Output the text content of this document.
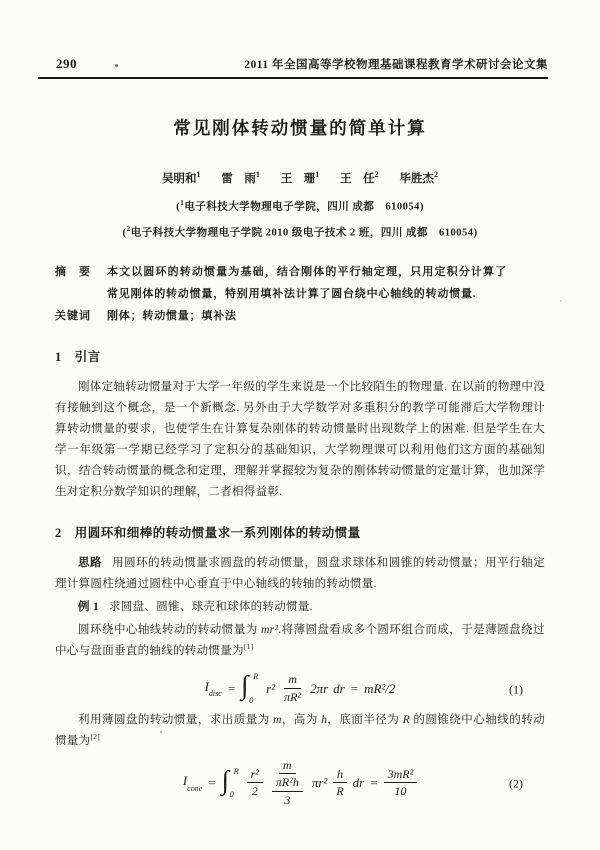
290	2011 年全国高等学校物理基础课程教育学术研讨会论文集
常见刚体转动惯量的简单计算
吴明和$^1$ 雷　雨$^1$ 王　珊$^1$ 王　任$^2$ 毕胜杰$^2$
($^1$电子科技大学物理电子学院，四川 成都　610054)
($^2$电子科技大学物理电子学院 2010 级电子技术 2 班，四川 成都　610054)
摘　要	本文以圆环的转动惯量为基础，结合刚体的平行轴定理，只用定积分计算了常见刚体的转动惯量，特别用填补法计算了圆台绕中心轴线的转动惯量.
关键词	刚体；转动惯量；填补法
1　引言

刚体定轴转动惯量对于大学一年级的学生来说是一个比较陌生的物理量. 在以前的物理中没有接触到这个概念，是一个新概念. 另外由于大学数学对多重积分的教学可能滞后大学物理计算转动惯量的要求，也使学生在计算复杂刚体的转动惯量时出现数学上的困难. 但是学生在大学一年级第一学期已经学习了定积分的基础知识，大学物理课可以利用他们这方面的基础知识，结合转动惯量的概念和定理，理解并掌握较为复杂的刚体转动惯量的定量计算，也加深学生对定积分数学知识的理解，二者相得益彰.

2　用圆环和细棒的转动惯量求一系列刚体的转动惯量

思路 用圆环的转动惯量求圆盘的转动惯量，圆盘求球体和圆锥的转动惯量；用平行轴定理计算圆柱绕通过圆柱中心垂直于中心轴线的转轴的转动惯量.

例 1 求圆盘、圆锥、球壳和球体的转动惯量.

圆环绕中心轴线转动的转动惯量为 mr².将薄圆盘看成多个圆环组合而成，于是薄圆盘绕过中心与盘面垂直的轴线的转动惯量为[1]

$I_{disc}$ = ∫ R
0
$r^2 \frac{m}{\text{πR²}} 2\pi r$ dr = mR²/2	(1)

利用薄圆盘的转动惯量，求出质量为 m，高为 h，底面半径为 R 的圆锥绕中心轴线的转动惯量为[2]

$I_{cone}$ = ∫ R
$0 \frac{\text{r²}}{2} \frac{m}{\frac{\text{πR²h}}{3}} \pi r^2 \frac{h}{R}$ dr = $\frac{\text{3mR²}}{10}$	(2)
